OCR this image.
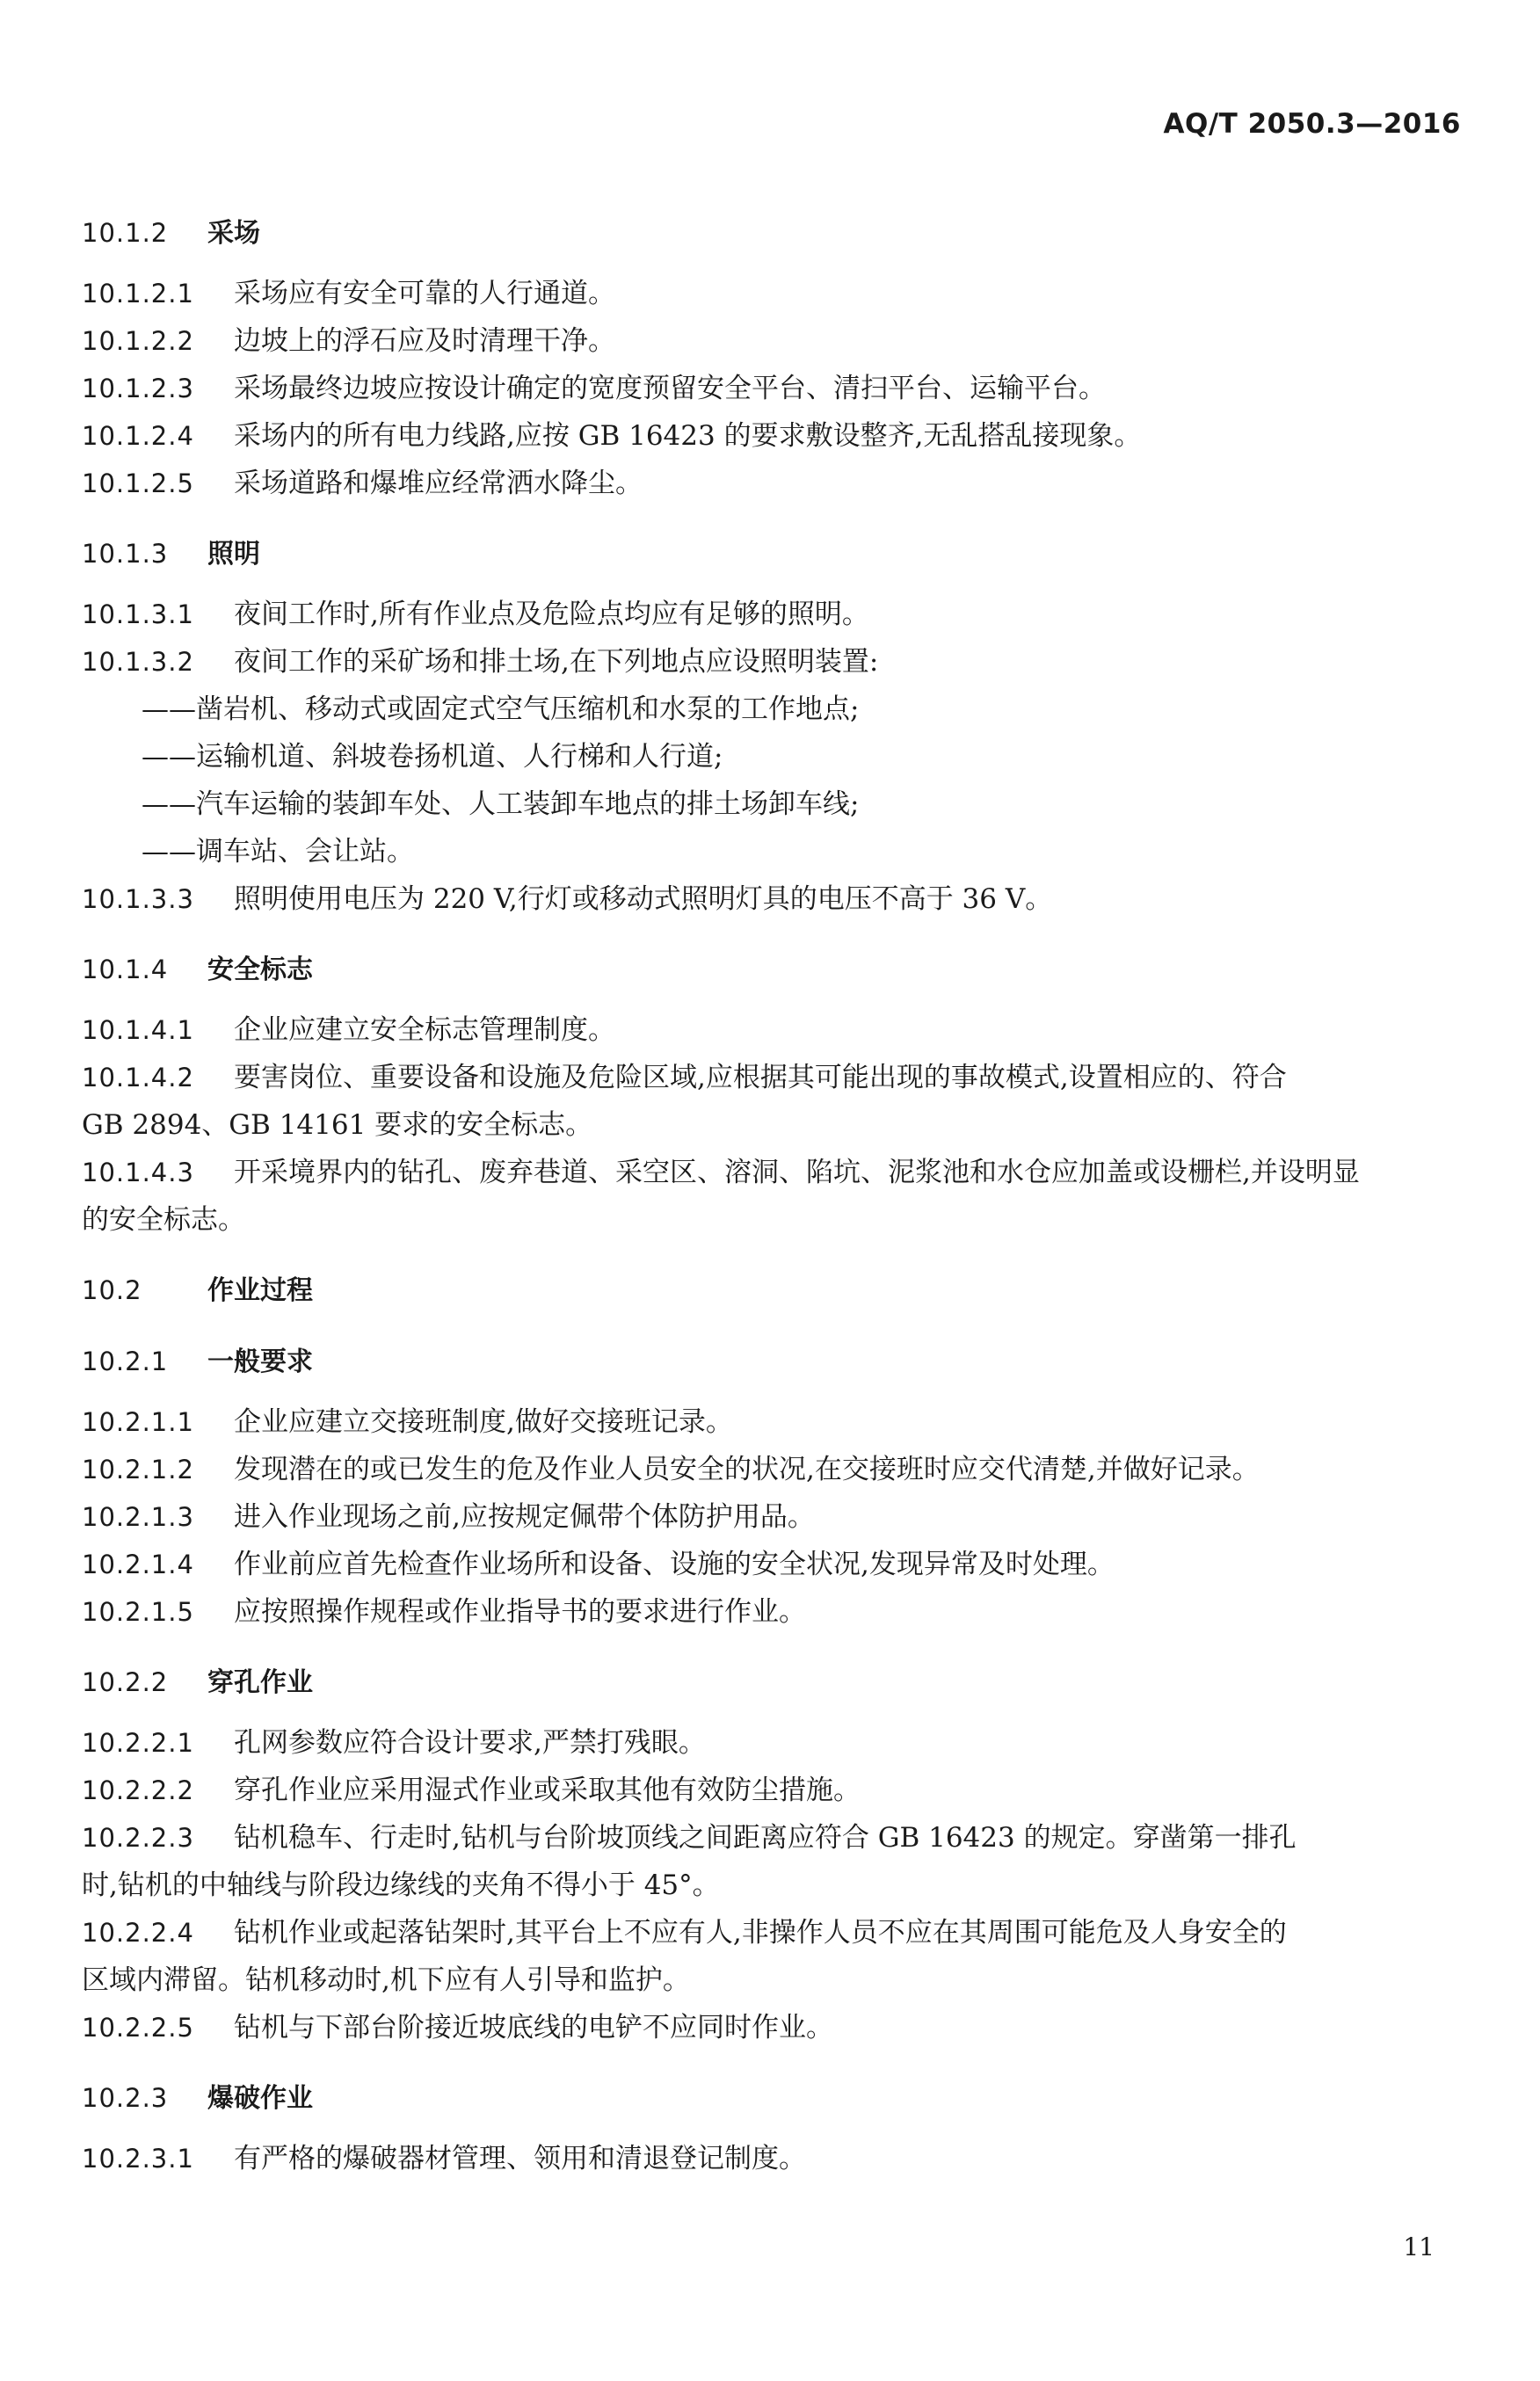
AQ/T 2050.3—2016
10.1.2 采场
10.1.2.1 采场应有安全可靠的人行通道。
10.1.2.2 边坡上的浮石应及时清理干净。
10.1.2.3 采场最终边坡应按设计确定的宽度预留安全平台、清扫平台、运输平台。
10.1.2.4 采场内的所有电力线路,应按 GB 16423 的要求敷设整齐,无乱搭乱接现象。
10.1.2.5 采场道路和爆堆应经常洒水降尘。
10.1.3 照明
10.1.3.1 夜间工作时,所有作业点及危险点均应有足够的照明。
10.1.3.2 夜间工作的采矿场和排土场,在下列地点应设照明装置:
——凿岩机、移动式或固定式空气压缩机和水泵的工作地点;
——运输机道、斜坡卷扬机道、人行梯和人行道;
——汽车运输的装卸车处、人工装卸车地点的排土场卸车线;
——调车站、会让站。
10.1.3.3 照明使用电压为 220 V,行灯或移动式照明灯具的电压不高于 36 V。
10.1.4 安全标志
10.1.4.1 企业应建立安全标志管理制度。
10.1.4.2 要害岗位、重要设备和设施及危险区域,应根据其可能出现的事故模式,设置相应的、符合
GB 2894、GB 14161 要求的安全标志。
10.1.4.3 开采境界内的钻孔、废弃巷道、采空区、溶洞、陷坑、泥浆池和水仓应加盖或设栅栏,并设明显
的安全标志。
10.2 作业过程
10.2.1 一般要求
10.2.1.1 企业应建立交接班制度,做好交接班记录。
10.2.1.2 发现潜在的或已发生的危及作业人员安全的状况,在交接班时应交代清楚,并做好记录。
10.2.1.3 进入作业现场之前,应按规定佩带个体防护用品。
10.2.1.4 作业前应首先检查作业场所和设备、设施的安全状况,发现异常及时处理。
10.2.1.5 应按照操作规程或作业指导书的要求进行作业。
10.2.2 穿孔作业
10.2.2.1 孔网参数应符合设计要求,严禁打残眼。
10.2.2.2 穿孔作业应采用湿式作业或采取其他有效防尘措施。
10.2.2.3 钻机稳车、行走时,钻机与台阶坡顶线之间距离应符合 GB 16423 的规定。穿凿第一排孔
时,钻机的中轴线与阶段边缘线的夹角不得小于 45°。
10.2.2.4 钻机作业或起落钻架时,其平台上不应有人,非操作人员不应在其周围可能危及人身安全的
区域内滞留。钻机移动时,机下应有人引导和监护。
10.2.2.5 钻机与下部台阶接近坡底线的电铲不应同时作业。
10.2.3 爆破作业
10.2.3.1 有严格的爆破器材管理、领用和清退登记制度。
11
